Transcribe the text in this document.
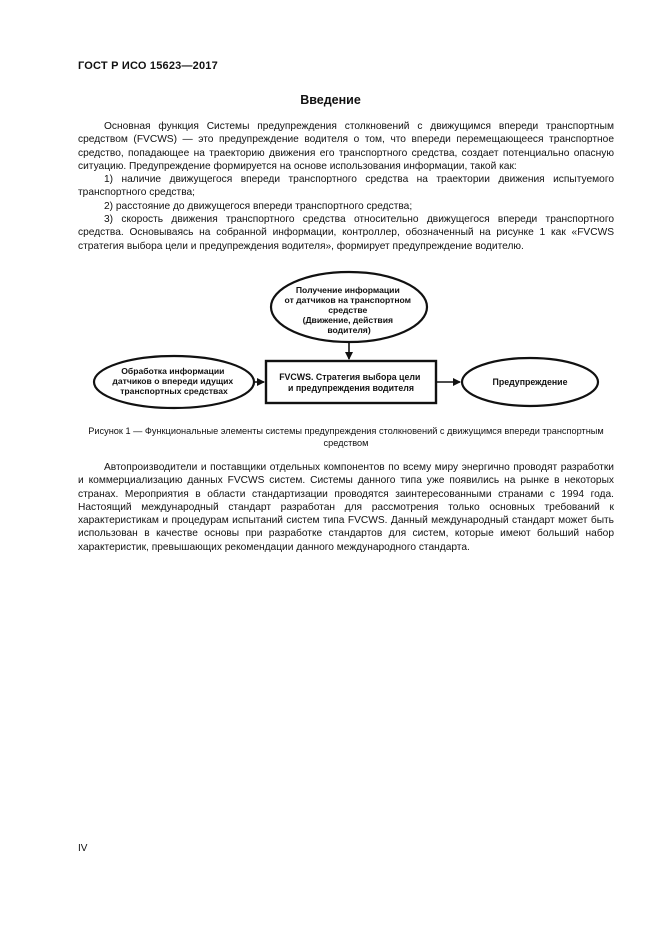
ГОСТ Р ИСО 15623—2017
Введение

Основная функция Системы предупреждения столкновений с движущимся впереди транспортным средством (FVCWS) — это предупреждение водителя о том, что впереди перемещающееся транспортное средство, попадающее на траекторию движения его транспортного средства, создает потенциально опасную ситуацию. Предупреждение формируется на основе использования информации, такой как:

1) наличие движущегося впереди транспортного средства на траектории движения испытуемого транспортного средства;

2) расстояние до движущегося впереди транспортного средства;

3) скорость движения транспортного средства относительно движущегося впереди транспортного средства. Основываясь на собранной информации, контроллер, обозначенный на рисунке 1 как «FVCWS стратегия выбора цели и предупреждения водителя», формирует предупреждение водителю.

Получение информации от датчиков на транспортном средстве (Движение, действия водителя)
Обработка информации датчиков о впереди идущих транспортных средствах
FVCWS. Стратегия выбора цели и предупреждения водителя
Предупреждение
Рисунок 1 — Функциональные элементы системы предупреждения столкновений с движущимся впереди транспортным средством

Автопроизводители и поставщики отдельных компонентов по всему миру энергично проводят разработки и коммерциализацию данных FVCWS систем. Системы данного типа уже появились на рынке в некоторых странах. Мероприятия в области стандартизации проводятся заинтересованными странами с 1994 года. Настоящий международный стандарт разработан для рассмотрения только основных требований к характеристикам и процедурам испытаний систем типа FVCWS. Данный международный стандарт может быть использован в качестве основы при разработке стандартов для систем, которые имеют больший набор характеристик, превышающих рекомендации данного международного стандарта.

IV
